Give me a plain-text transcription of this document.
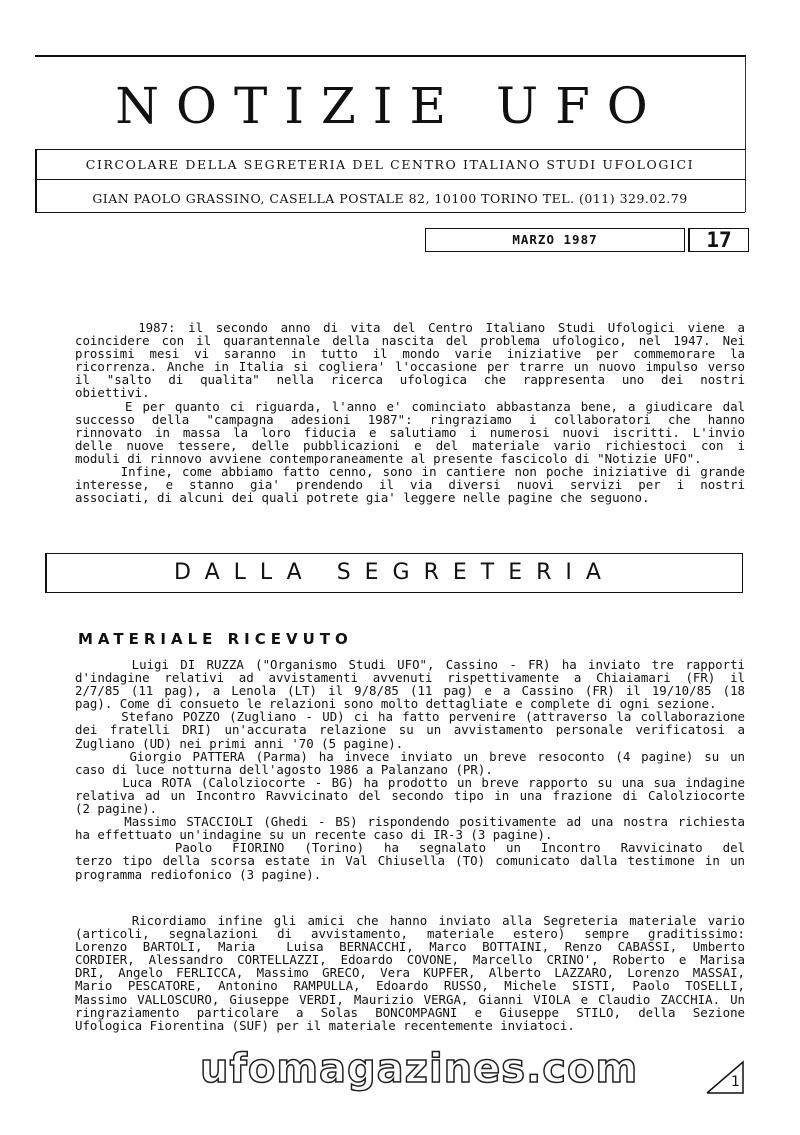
NOTIZIE UFO
CIRCOLARE DELLA SEGRETERIA DEL CENTRO ITALIANO STUDI UFOLOGICI
GIAN PAOLO GRASSINO, CASELLA POSTALE 82, 10100 TORINO TEL. (011) 329.02.79
MARZO 1987	17
1987: il secondo anno di vita del Centro Italiano Studi Ufologici viene a
coincidere con il quarantennale della nascita del problema ufologico, nel 1947. Nei
prossimi mesi vi saranno in tutto il mondo varie iniziative per commemorare la
ricorrenza. Anche in Italia si cogliera' l'occasione per trarre un nuovo impulso verso
il "salto di qualita" nella ricerca ufologica che rappresenta uno dei nostri
obiettivi.
E per quanto ci riguarda, l'anno e' cominciato abbastanza bene, a giudicare dal
successo della "campagna adesioni 1987": ringraziamo i collaboratori che hanno
rinnovato in massa la loro fiducia e salutiamo i numerosi nuovi iscritti. L'invio
delle nuove tessere, delle pubblicazioni e del materiale vario richiestoci con i
moduli di rinnovo avviene contemporaneamente al presente fascicolo di "Notizie UFO".
Infine, come abbiamo fatto cenno, sono in cantiere non poche iniziative di grande
interesse, e stanno gia' prendendo il via diversi nuovi servizi per i nostri
associati, di alcuni dei quali potrete gia' leggere nelle pagine che seguono.
DALLA SEGRETERIA
MATERIALE RICEVUTO
Luigi DI RUZZA ("Organismo Studi UFO", Cassino - FR) ha inviato tre rapporti
d'indagine relativi ad avvistamenti avvenuti rispettivamente a Chiaiamari (FR) il
2/7/85 (11 pag), a Lenola (LT) il 9/8/85 (11 pag) e a Cassino (FR) il 19/10/85 (18
pag). Come di consueto le relazioni sono molto dettagliate e complete di ogni sezione.
Stefano POZZO (Zugliano - UD) ci ha fatto pervenire (attraverso la collaborazione
dei fratelli DRI) un'accurata relazione su un avvistamento personale verificatosi a
Zugliano (UD) nei primi anni '70 (5 pagine).
Giorgio PATTERA (Parma) ha invece inviato un breve resoconto (4 pagine) su un
caso di luce notturna dell'agosto 1986 a Palanzano (PR).
Luca ROTA (Calolziocorte - BG) ha prodotto un breve rapporto su una sua indagine
relativa ad un Incontro Ravvicinato del secondo tipo in una frazione di Calolziocorte
(2 pagine).
Massimo STACCIOLI (Ghedi - BS) rispondendo positivamente ad una nostra richiesta
ha effettuato un'indagine su un recente caso di IR-3 (3 pagine).
Paolo FIORINO (Torino) ha segnalato un Incontro Ravvicinato del
terzo tipo della scorsa estate in Val Chiusella (TO) comunicato dalla testimone in un
programma rediofonico (3 pagine).
Ricordiamo infine gli amici che hanno inviato alla Segreteria materiale vario
(articoli, segnalazioni di avvistamento, materiale estero) sempre graditissimo:
Lorenzo BARTOLI, Maria  Luisa BERNACCHI, Marco BOTTAINI, Renzo CABASSI, Umberto
CORDIER, Alessandro CORTELLAZZI, Edoardo COVONE, Marcello CRINO', Roberto e Marisa
DRI, Angelo FERLICCA, Massimo GRECO, Vera KUPFER, Alberto LAZZARO, Lorenzo MASSAI,
Mario PESCATORE, Antonino RAMPULLA, Edoardo RUSSO, Michele SISTI, Paolo TOSELLI,
Massimo VALLOSCURO, Giuseppe VERDI, Maurizio VERGA, Gianni VIOLA e Claudio ZACCHIA. Un
ringraziamento particolare a Solas BONCOMPAGNI e Giuseppe STILO, della Sezione
Ufologica Fiorentina (SUF) per il materiale recentemente inviatoci.
ufomagazines.com	1
